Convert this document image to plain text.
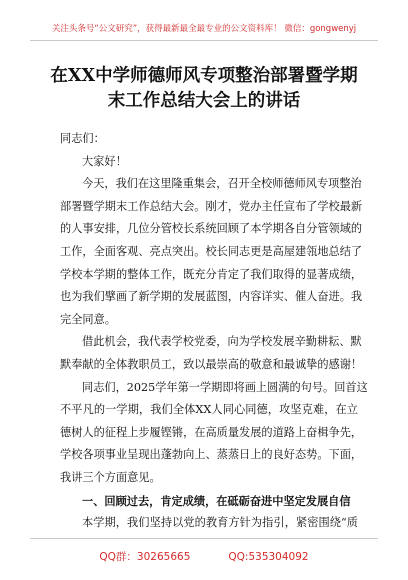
关注头条号“公文研究”，获得最新最全最专业的公文资料库！ 微信：gongwenyj
在XX中学师德师风专项整治部署暨学期
末工作总结大会上的讲话
同志们：
大家好！
今天，我们在这里隆重集会，召开全校师德师风专项整治
部署暨学期末工作总结大会。刚才，党办主任宣布了学校最新
的人事安排，几位分管校长系统回顾了本学期各自分管领域的
工作，全面客观、亮点突出。校长同志更是高屋建瓴地总结了
学校本学期的整体工作，既充分肯定了我们取得的显著成绩，
也为我们擘画了新学期的发展蓝图，内容详实、催人奋进。我
完全同意。
借此机会，我代表学校党委，向为学校发展辛勤耕耘、默
默奉献的全体教职员工，致以最崇高的敬意和最诚挚的感谢！
同志们，2025学年第一学期即将画上圆满的句号。回首这
不平凡的一学期，我们全体XX人同心同德，攻坚克难，在立
德树人的征程上步履铿锵，在高质量发展的道路上奋楫争先，
学校各项事业呈现出蓬勃向上、蒸蒸日上的良好态势。下面，
我讲三个方面意见。
一、回顾过去，肯定成绩，在砥砺奋进中坚定发展自信
本学期，我们坚持以党的教育方针为指引，紧密围绕“质
QQ群：30265665	QQ:535304092
